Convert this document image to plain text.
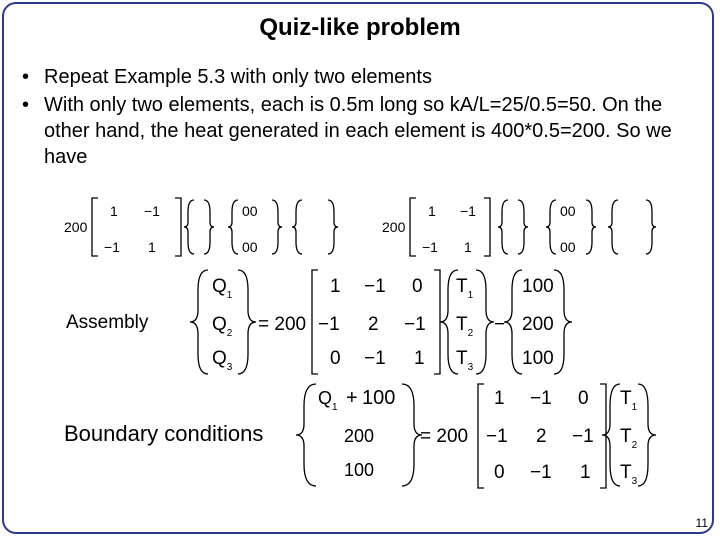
Quiz-like problem
• Repeat Example 5.3 with only two elements
• With only two elements, each is 0.5m long so kA/L=25/0.5=50. On the other hand, the heat generated in each element is 400*0.5=200. So we have
200
1 −1
−1 1
00
00
200
1 −1
−1 1
00
00
Assembly
$Q_1$
$Q_2$
$Q_3$
= 200
1 −1 0
−1 2 −1
0 −1 1
$T_1$
$T_2$
$T_3$
−
100
200
100
Boundary conditions
$Q_1 + 100$
200
100
= 200
1 −1 0
−1 2 −1
0 −1 1
$T_1$
$T_2$
$T_3$
11
